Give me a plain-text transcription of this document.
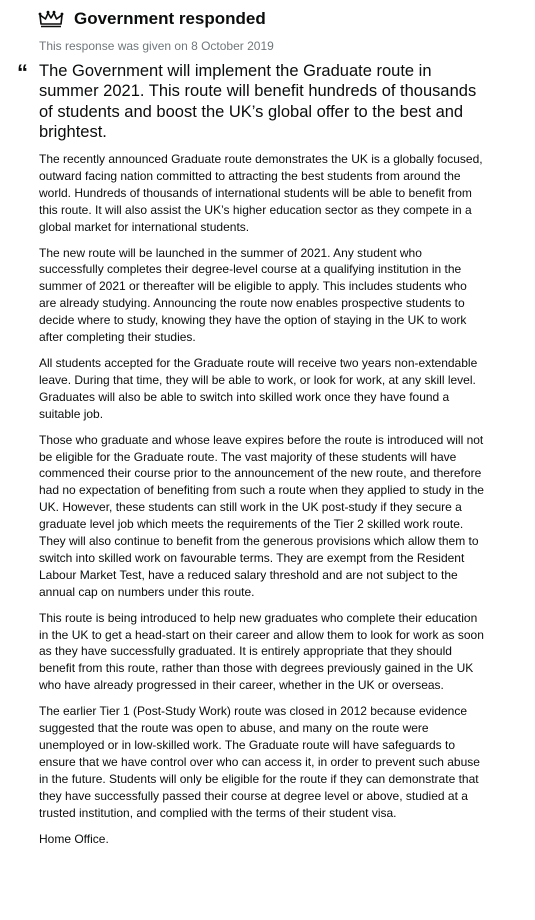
Government responded
This response was given on 8 October 2019
“ The Government will implement the Graduate route in summer 2021. This route will benefit hundreds of thousands of students and boost the UK’s global offer to the best and brightest.

The recently announced Graduate route demonstrates the UK is a globally focused, outward facing nation committed to attracting the best students from around the world. Hundreds of thousands of international students will be able to benefit from this route. It will also assist the UK’s higher education sector as they compete in a global market for international students.

The new route will be launched in the summer of 2021. Any student who successfully completes their degree-level course at a qualifying institution in the summer of 2021 or thereafter will be eligible to apply. This includes students who are already studying. Announcing the route now enables prospective students to decide where to study, knowing they have the option of staying in the UK to work after completing their studies.

All students accepted for the Graduate route will receive two years non-extendable leave. During that time, they will be able to work, or look for work, at any skill level. Graduates will also be able to switch into skilled work once they have found a suitable job.

Those who graduate and whose leave expires before the route is introduced will not be eligible for the Graduate route. The vast majority of these students will have commenced their course prior to the announcement of the new route, and therefore had no expectation of benefiting from such a route when they applied to study in the UK. However, these students can still work in the UK post-study if they secure a graduate level job which meets the requirements of the Tier 2 skilled work route. They will also continue to benefit from the generous provisions which allow them to switch into skilled work on favourable terms. They are exempt from the Resident Labour Market Test, have a reduced salary threshold and are not subject to the annual cap on numbers under this route.

This route is being introduced to help new graduates who complete their education in the UK to get a head-start on their career and allow them to look for work as soon as they have successfully graduated. It is entirely appropriate that they should benefit from this route, rather than those with degrees previously gained in the UK who have already progressed in their career, whether in the UK or overseas.

The earlier Tier 1 (Post-Study Work) route was closed in 2012 because evidence suggested that the route was open to abuse, and many on the route were unemployed or in low-skilled work. The Graduate route will have safeguards to ensure that we have control over who can access it, in order to prevent such abuse in the future. Students will only be eligible for the route if they can demonstrate that they have successfully passed their course at degree level or above, studied at a trusted institution, and complied with the terms of their student visa.

Home Office.
